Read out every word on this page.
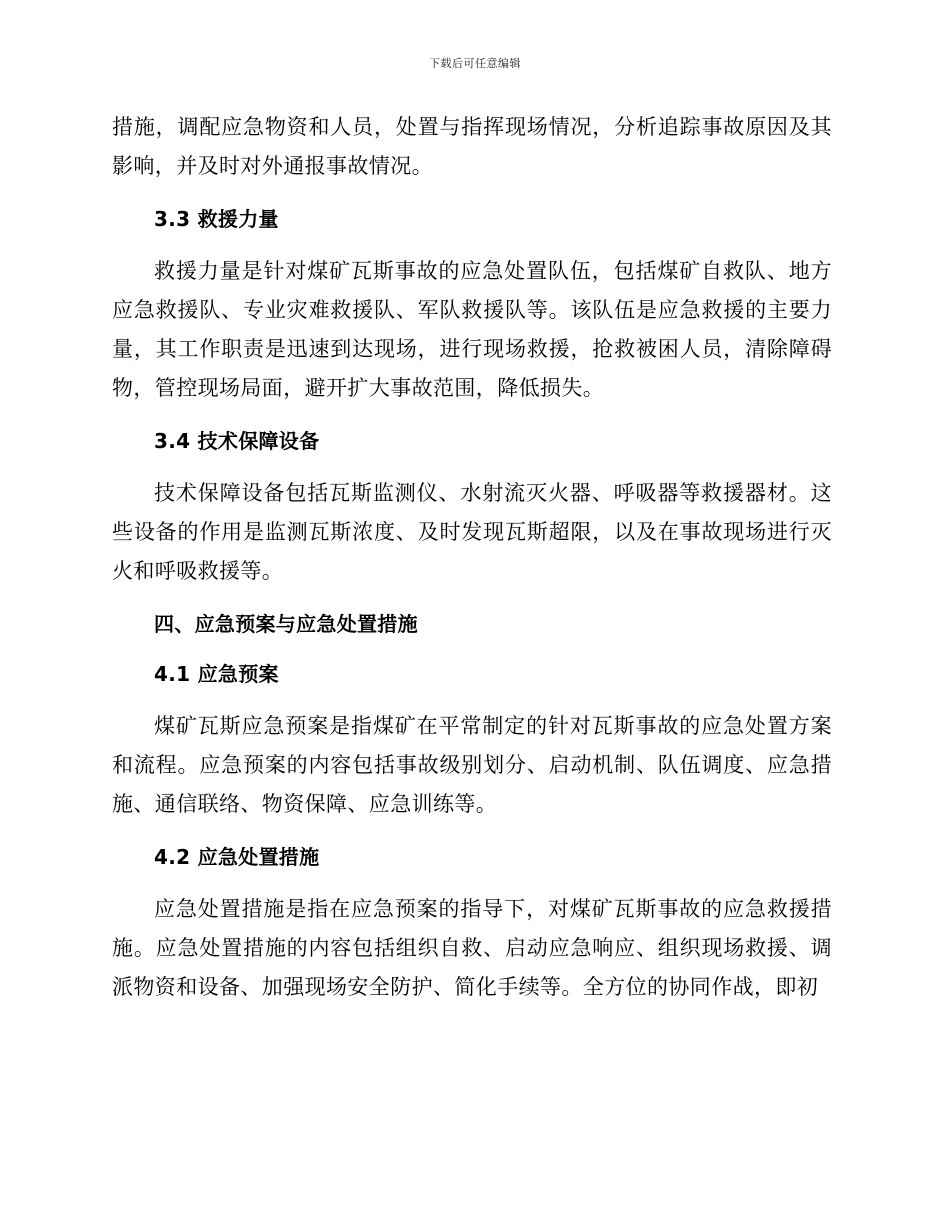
下载后可任意编辑

措施，调配应急物资和人员，处置与指挥现场情况，分析追踪事故原因及其影响，并及时对外通报事故情况。

3.3 救援力量

救援力量是针对煤矿瓦斯事故的应急处置队伍，包括煤矿自救队、地方应急救援队、专业灾难救援队、军队救援队等。该队伍是应急救援的主要力量，其工作职责是迅速到达现场，进行现场救援，抢救被困人员，清除障碍物，管控现场局面，避开扩大事故范围，降低损失。

3.4 技术保障设备

技术保障设备包括瓦斯监测仪、水射流灭火器、呼吸器等救援器材。这些设备的作用是监测瓦斯浓度、及时发现瓦斯超限，以及在事故现场进行灭火和呼吸救援等。

四、应急预案与应急处置措施
4.1 应急预案

煤矿瓦斯应急预案是指煤矿在平常制定的针对瓦斯事故的应急处置方案和流程。应急预案的内容包括事故级别划分、启动机制、队伍调度、应急措施、通信联络、物资保障、应急训练等。

4.2 应急处置措施

应急处置措施是指在应急预案的指导下，对煤矿瓦斯事故的应急救援措施。应急处置措施的内容包括组织自救、启动应急响应、组织现场救援、调派物资和设备、加强现场安全防护、简化手续等。全方位的协同作战，即初
